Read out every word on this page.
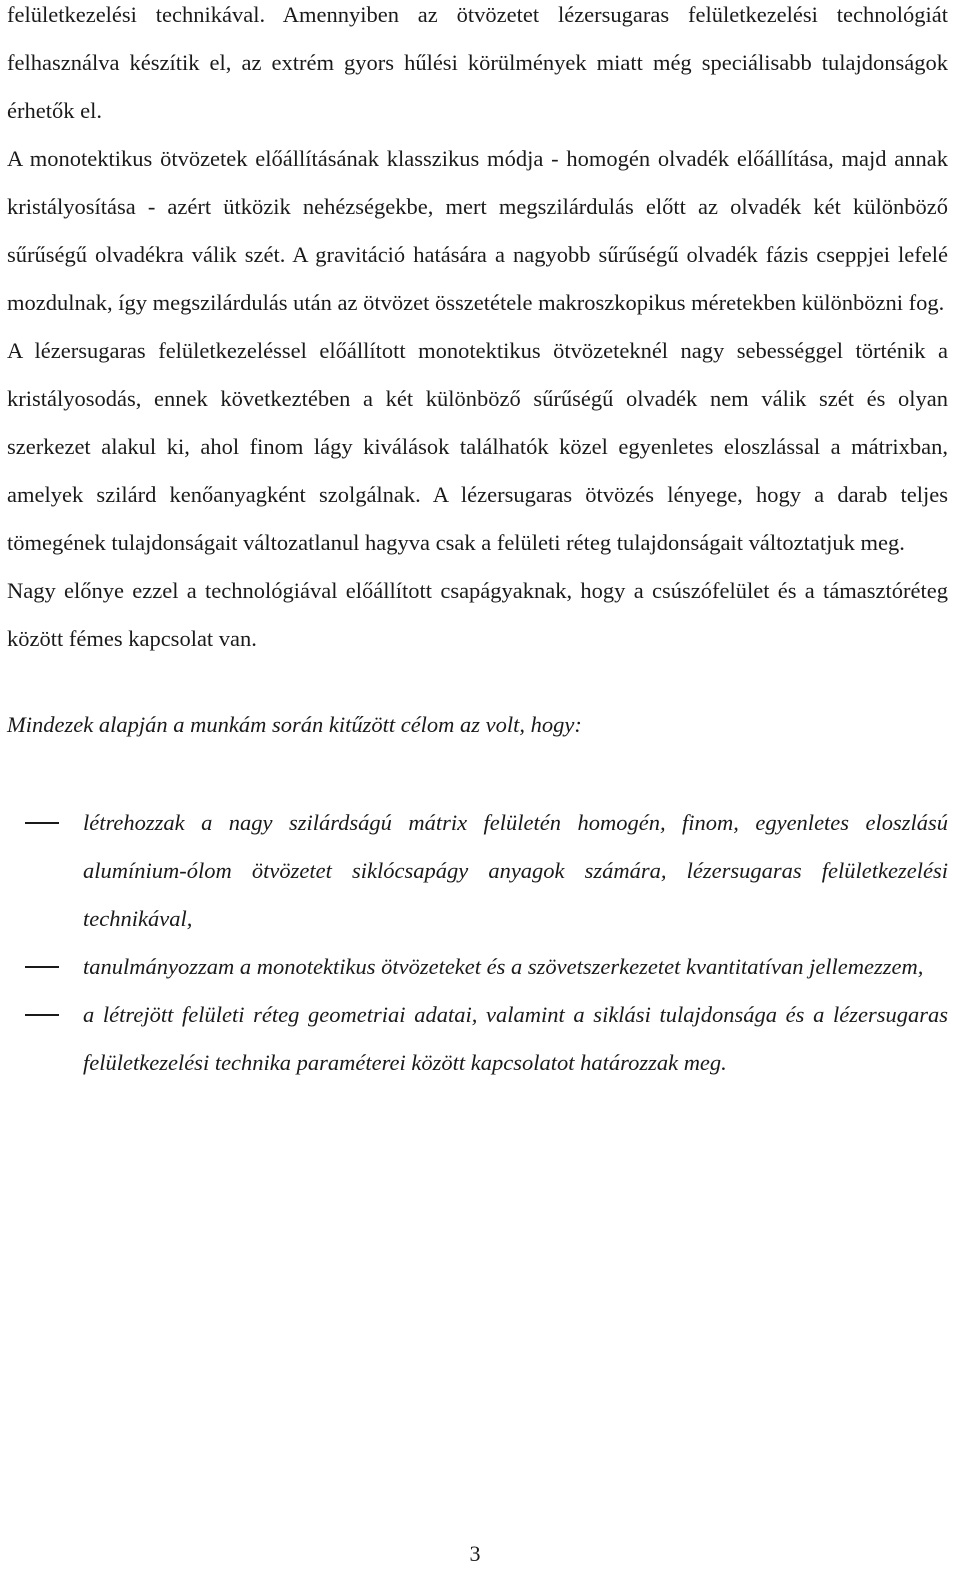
felületkezelési technikával. Amennyiben az ötvözetet lézersugaras felületkezelési technológiát felhasználva készítik el, az extrém gyors hűlési körülmények miatt még speciálisabb tulajdonságok érhetők el.

A monotektikus ötvözetek előállításának klasszikus módja - homogén olvadék előállítása, majd annak kristályosítása - azért ütközik nehézségekbe, mert megszilárdulás előtt az olvadék két különböző sűrűségű olvadékra válik szét. A gravitáció hatására a nagyobb sűrűségű olvadék fázis cseppjei lefelé mozdulnak, így megszilárdulás után az ötvözet összetétele makroszkopikus méretekben különbözni fog.

A lézersugaras felületkezeléssel előállított monotektikus ötvözeteknél nagy sebességgel történik a kristályosodás, ennek következtében a két különböző sűrűségű olvadék nem válik szét és olyan szerkezet alakul ki, ahol finom lágy kiválások találhatók közel egyenletes eloszlással a mátrixban, amelyek szilárd kenőanyagként szolgálnak. A lézersugaras ötvözés lényege, hogy a darab teljes tömegének tulajdonságait változatlanul hagyva csak a felületi réteg tulajdonságait változtatjuk meg.

Nagy előnye ezzel a technológiával előállított csapágyaknak, hogy a csúszófelület és a támasztóréteg között fémes kapcsolat van.

Mindezek alapján a munkám során kitűzött célom az volt, hogy:

létrehozzak a nagy szilárdságú mátrix felületén homogén, finom, egyenletes eloszlású alumínium-ólom ötvözetet siklócsapágy anyagok számára, lézersugaras felületkezelési technikával,
tanulmányozzam a monotektikus ötvözeteket és a szövetszerkezetet kvantitatívan jellemezzem,
a létrejött felületi réteg geometriai adatai, valamint a siklási tulajdonsága és a lézersugaras felületkezelési technika paraméterei között kapcsolatot határozzak meg.
3
